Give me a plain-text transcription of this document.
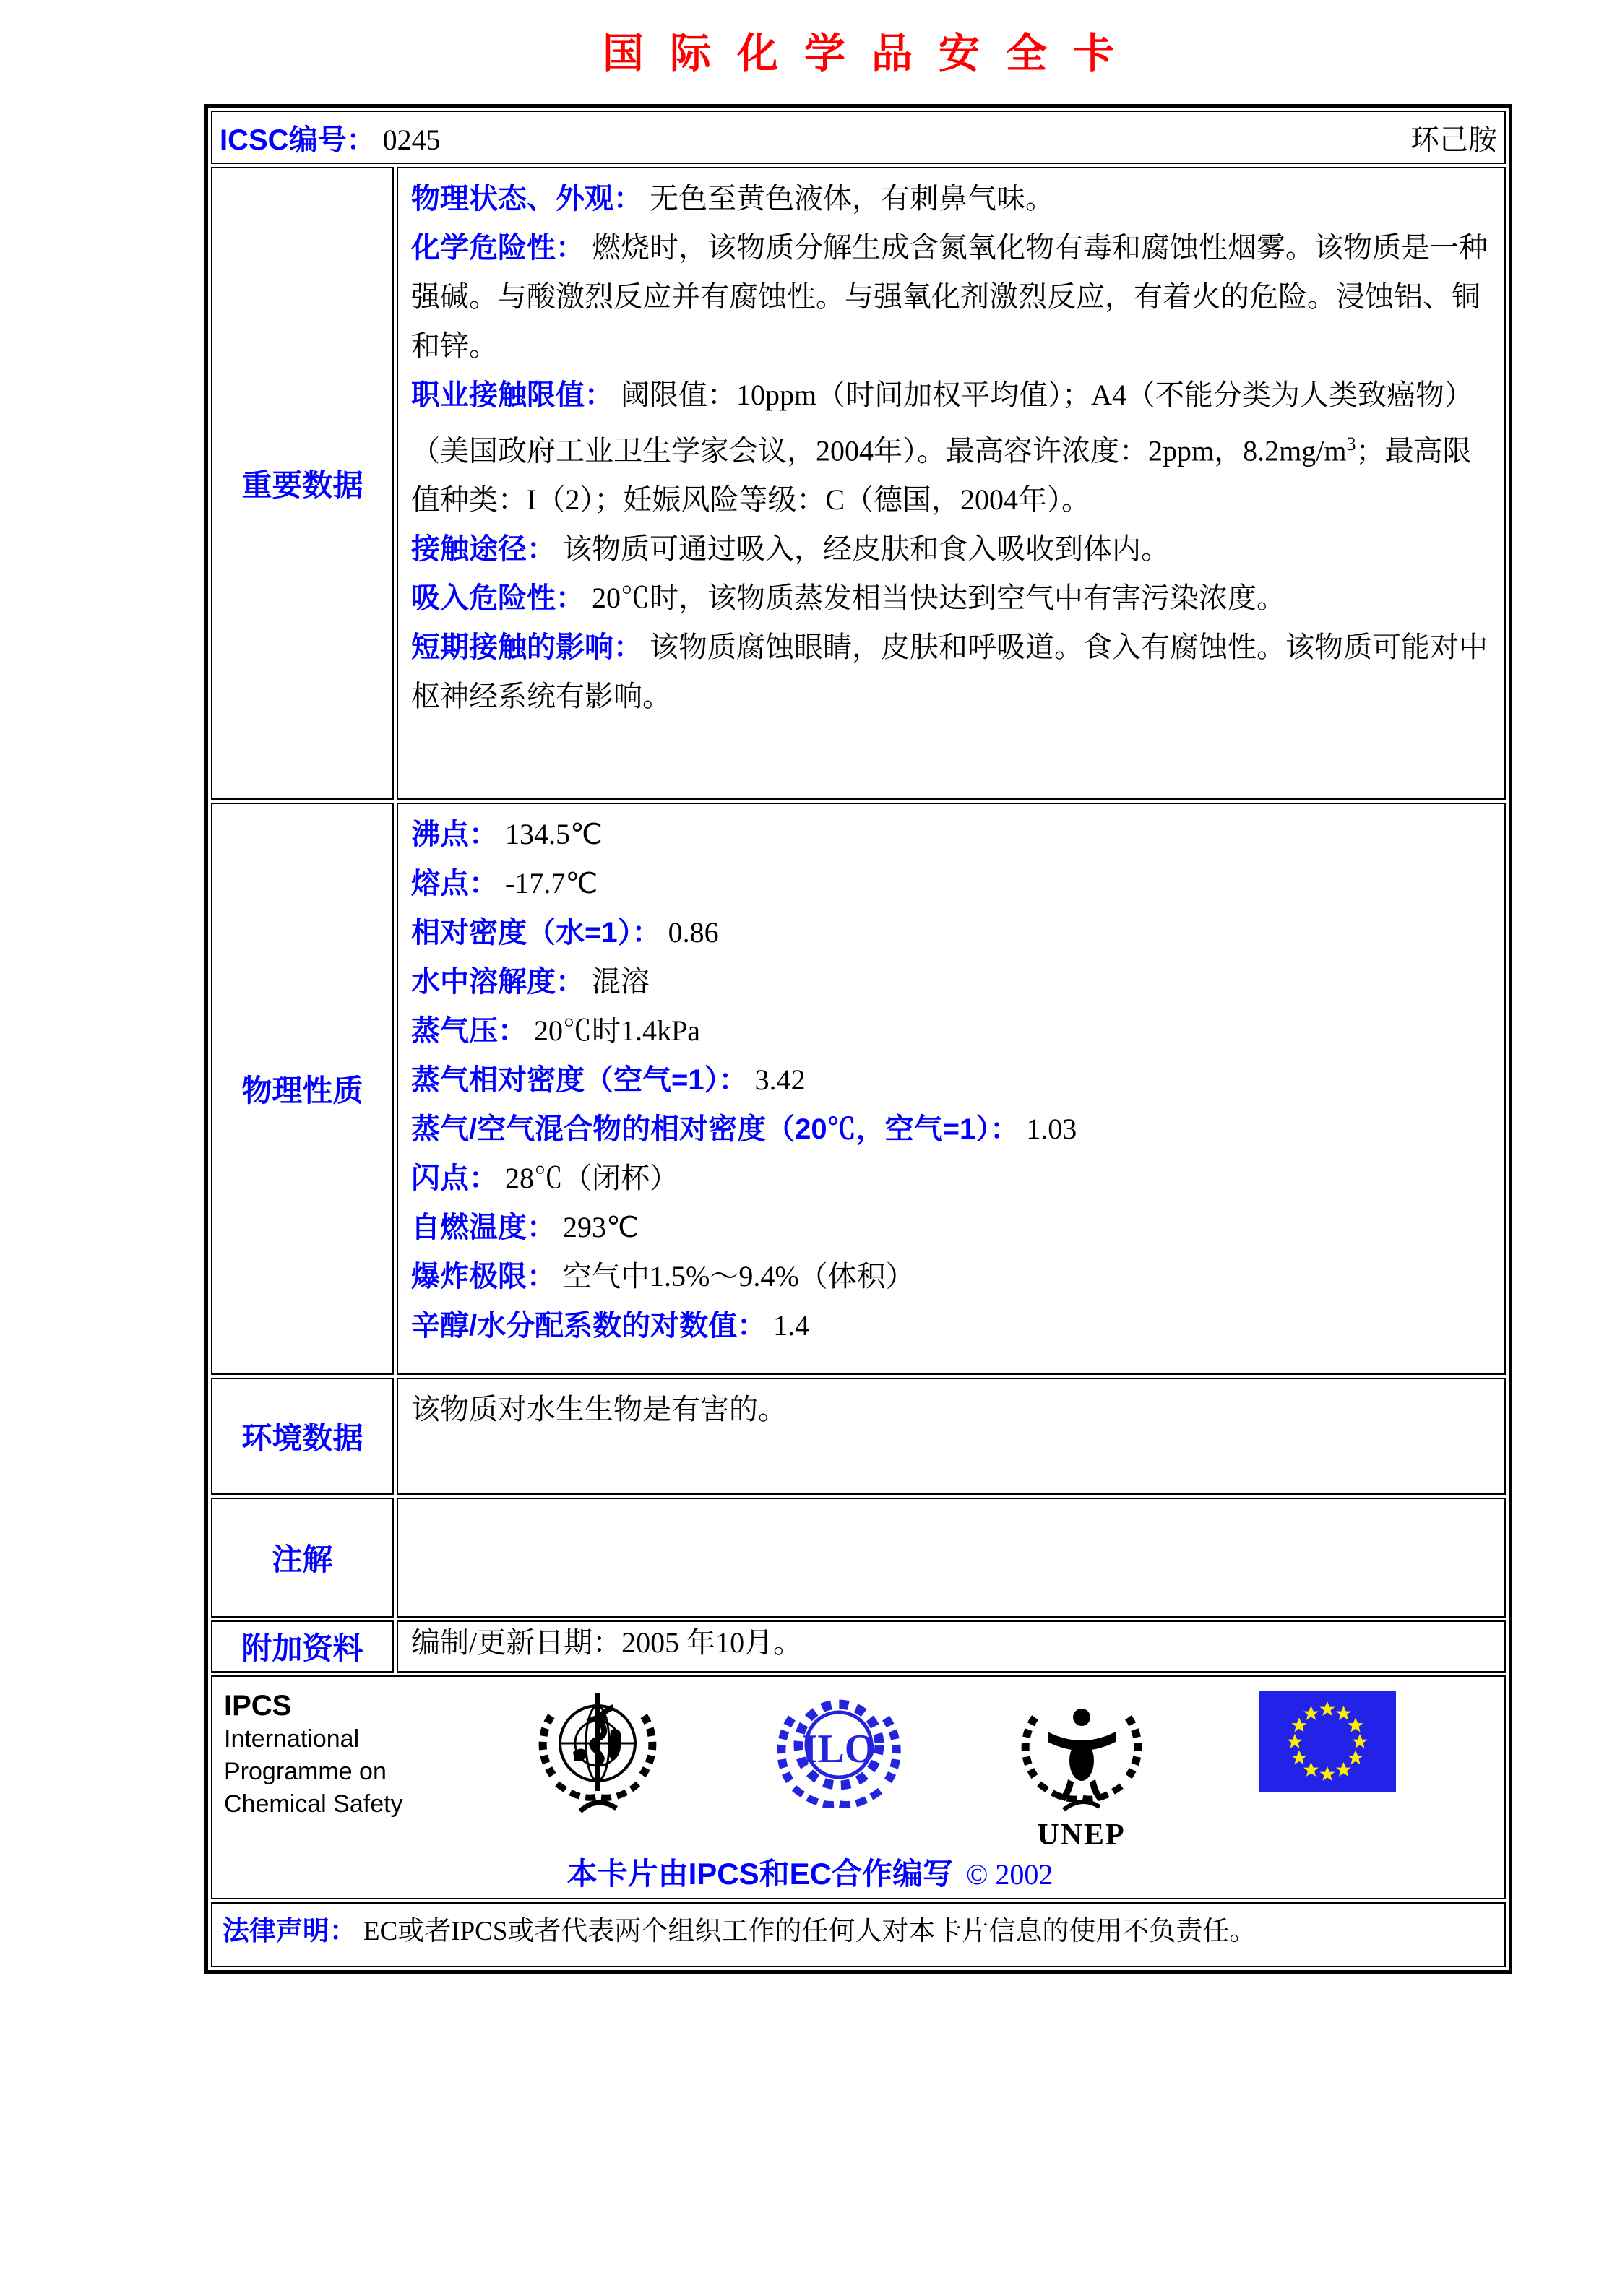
国际化学品安全卡
ICSC编号： 0245	环己胺
重要数据

物理状态、外观： 无色至黄色液体，有刺鼻气味。

化学危险性： 燃烧时，该物质分解生成含氮氧化物有毒和腐蚀性烟雾。该物质是一种强碱。与酸激烈反应并有腐蚀性。与强氧化剂激烈反应，有着火的危险。浸蚀铝、铜和锌。

职业接触限值： 阈限值：10ppm（时间加权平均值）；A4（不能分类为人类致癌物）（美国政府工业卫生学家会议，2004年）。最高容许浓度：2ppm，$8.2mg/m^3$；最高限值种类：I（2）；妊娠风险等级：C（德国，2004年）。

接触途径： 该物质可通过吸入，经皮肤和食入吸收到体内。

吸入危险性： 20℃时，该物质蒸发相当快达到空气中有害污染浓度。

短期接触的影响： 该物质腐蚀眼睛，皮肤和呼吸道。食入有腐蚀性。该物质可能对中枢神经系统有影响。

物理性质

沸点： 134.5℃

熔点： -17.7℃

相对密度（水=1）： 0.86

水中溶解度： 混溶

蒸气压： 20℃时1.4kPa

蒸气相对密度（空气=1）： 3.42

蒸气/空气混合物的相对密度（20℃，空气=1）： 1.03

闪点： 28℃（闭杯）

自燃温度： 293℃

爆炸极限： 空气中1.5%～9.4%（体积）

辛醇/水分配系数的对数值： 1.4

环境数据

该物质对水生生物是有害的。

注解

附加资料	编制/更新日期：2005 年10月。

IPCS
International
Programme on
Chemical Safety
ILO
UNEP
本卡片由IPCS和EC合作编写 © 2002
法律声明： EC或者IPCS或者代表两个组织工作的任何人对本卡片信息的使用不负责任。
